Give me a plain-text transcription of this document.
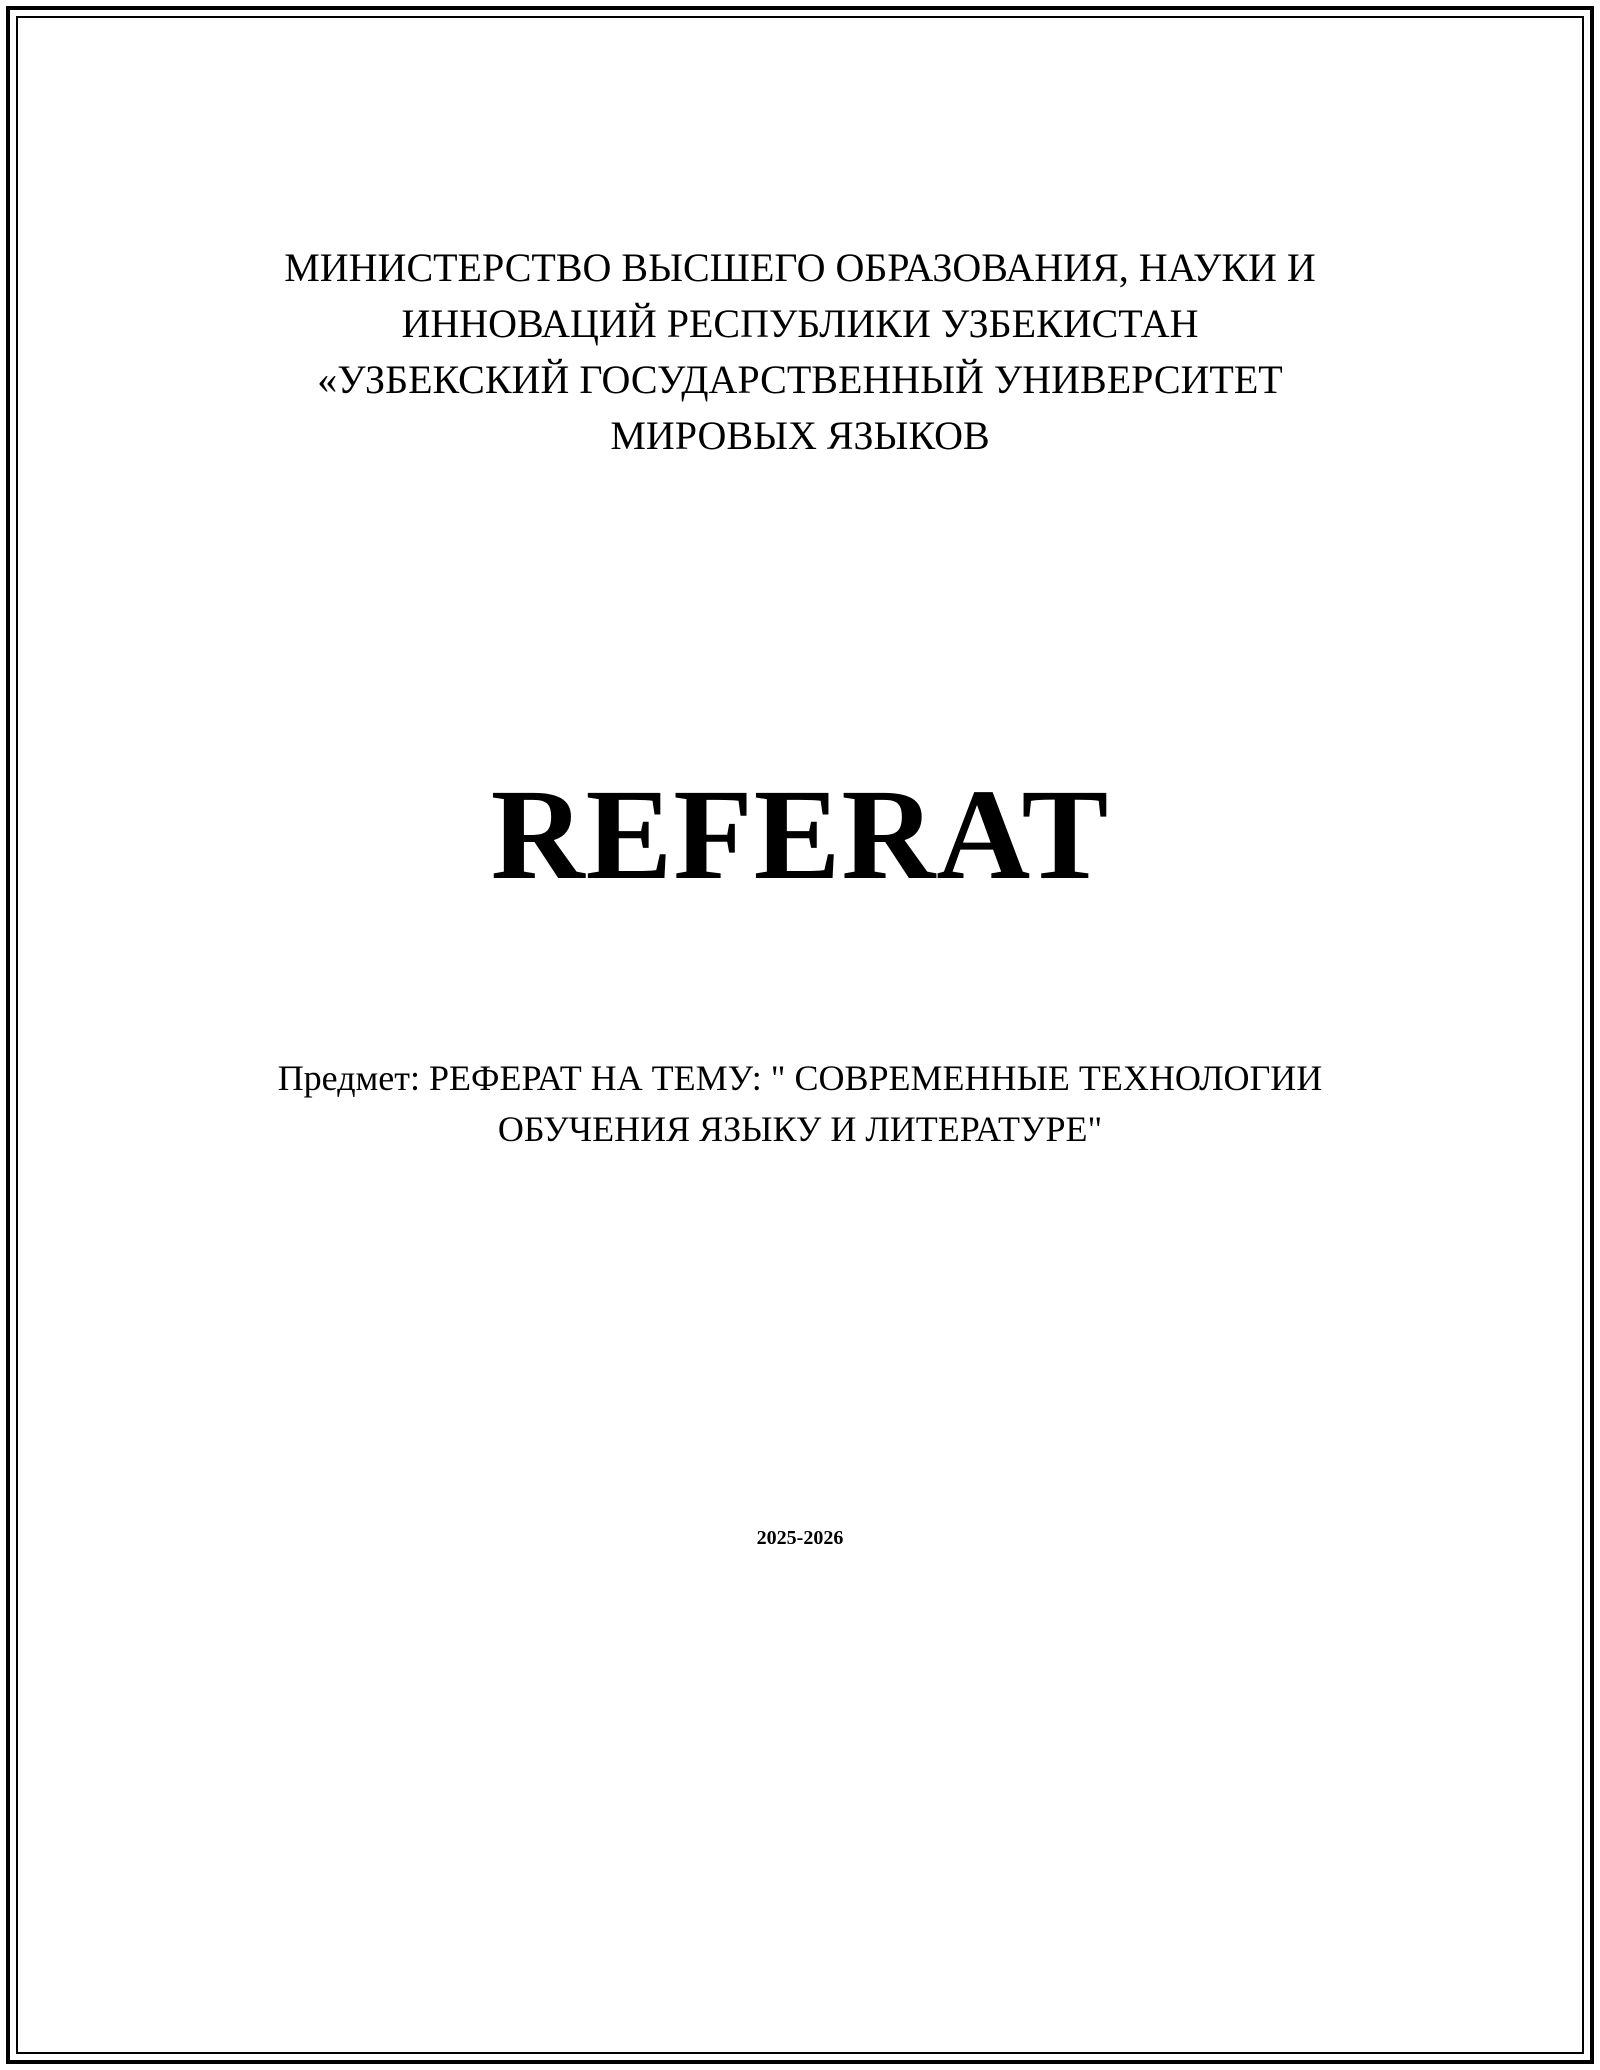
МИНИСТЕРСТВО ВЫСШЕГО ОБРАЗОВАНИЯ, НАУКИ И
ИННОВАЦИЙ РЕСПУБЛИКИ УЗБЕКИСТАН
«УЗБЕКСКИЙ ГОСУДАРСТВЕННЫЙ УНИВЕРСИТЕТ
МИРОВЫХ ЯЗЫКОВ
REFERAT
Предмет: РЕФЕРАТ НА ТЕМУ: " СОВРЕМЕННЫЕ ТЕХНОЛОГИИ
ОБУЧЕНИЯ ЯЗЫКУ И ЛИТЕРАТУРЕ"
2025-2026
